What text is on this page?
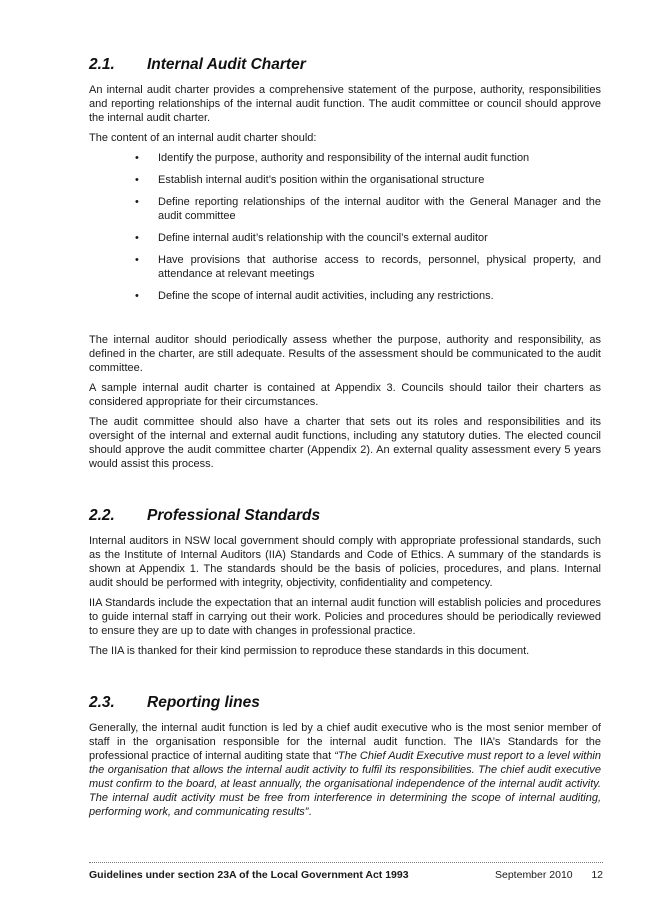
2.1.	Internal Audit Charter

An internal audit charter provides a comprehensive statement of the purpose, authority, responsibilities and reporting relationships of the internal audit function. The audit committee or council should approve the internal audit charter.

The content of an internal audit charter should:

• Identify the purpose, authority and responsibility of the internal audit function
• Establish internal audit’s position within the organisational structure
• Define reporting relationships of the internal auditor with the General Manager and the audit committee
• Define internal audit’s relationship with the council’s external auditor
• Have provisions that authorise access to records, personnel, physical property, and attendance at relevant meetings
• Define the scope of internal audit activities, including any restrictions.

The internal auditor should periodically assess whether the purpose, authority and responsibility, as defined in the charter, are still adequate. Results of the assessment should be communicated to the audit committee.

A sample internal audit charter is contained at Appendix 3. Councils should tailor their charters as considered appropriate for their circumstances.

The audit committee should also have a charter that sets out its roles and responsibilities and its oversight of the internal and external audit functions, including any statutory duties. The elected council should approve the audit committee charter (Appendix 2). An external quality assessment every 5 years would assist this process.

2.2.	Professional Standards

Internal auditors in NSW local government should comply with appropriate professional standards, such as the Institute of Internal Auditors (IIA) Standards and Code of Ethics. A summary of the standards is shown at Appendix 1. The standards should be the basis of policies, procedures, and plans. Internal audit should be performed with integrity, objectivity, confidentiality and competency.

IIA Standards include the expectation that an internal audit function will establish policies and procedures to guide internal staff in carrying out their work. Policies and procedures should be periodically reviewed to ensure they are up to date with changes in professional practice.

The IIA is thanked for their kind permission to reproduce these standards in this document.

2.3.	Reporting lines

Generally, the internal audit function is led by a chief audit executive who is the most senior member of staff in the organisation responsible for the internal audit function. The IIA’s Standards for the professional practice of internal auditing state that “The Chief Audit Executive must report to a level within the organisation that allows the internal audit activity to fulfil its responsibilities. The chief audit executive must confirm to the board, at least annually, the organisational independence of the internal audit activity. The internal audit activity must be free from interference in determining the scope of internal auditing, performing work, and communicating results”.

Guidelines under section 23A of the Local Government Act 1993	September 2010	12
